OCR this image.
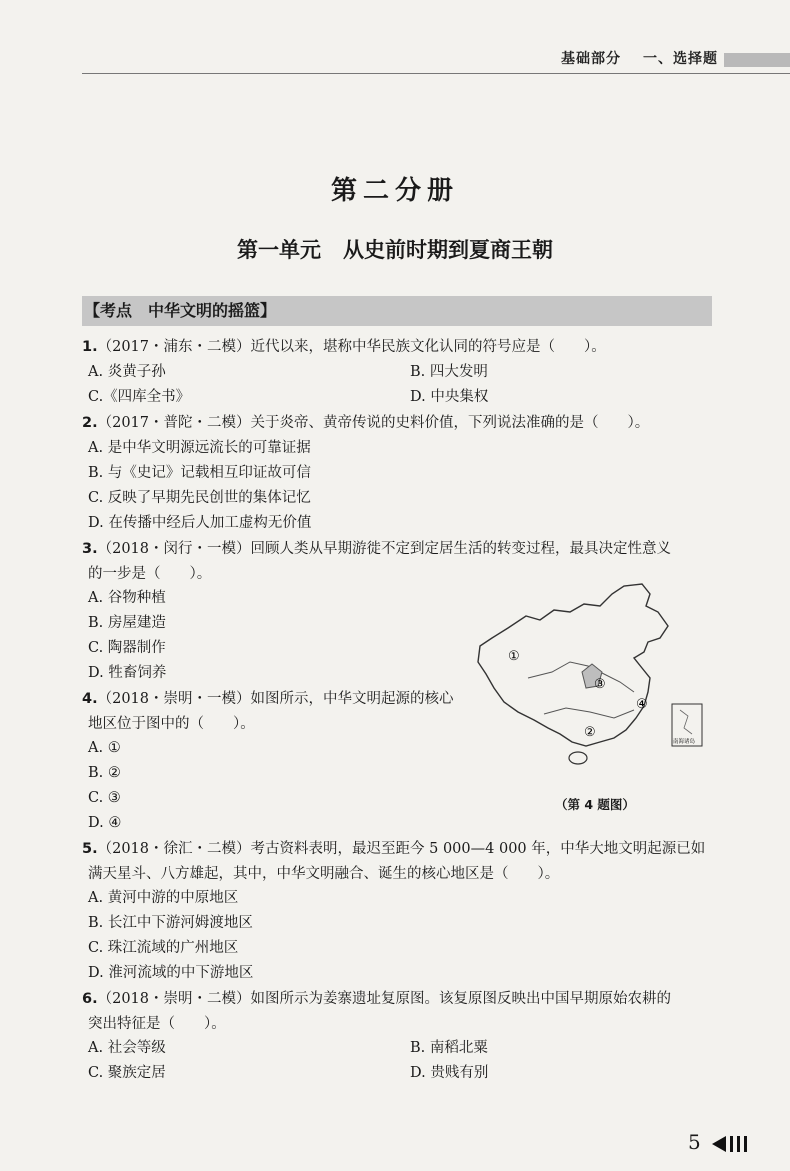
基础部分 一、选择题
第二分册
第一单元 从史前时期到夏商王朝
【考点　中华文明的摇篮】
1.（2017・浦东・二模）近代以来，堪称中华民族文化认同的符号应是（　　）。
A. 炎黄子孙	B. 四大发明
C.《四库全书》	D. 中央集权
2.（2017・普陀・二模）关于炎帝、黄帝传说的史料价值，下列说法准确的是（　　）。
A. 是中华文明源远流长的可靠证据
B. 与《史记》记载相互印证故可信
C. 反映了早期先民创世的集体记忆
D. 在传播中经后人加工虚构无价值
3.（2018・闵行・一模）回顾人类从早期游徙不定到定居生活的转变过程，最具决定性意义
的一步是（　　）。
A. 谷物种植
B. 房屋建造
C. 陶器制作
D. 牲畜饲养
4.（2018・崇明・一模）如图所示，中华文明起源的核心
地区位于图中的（　　）。
A. ①
B. ②
C. ③
D. ④
①
②
③
④
南海诸岛
（第 4 题图）
5.（2018・徐汇・二模）考古资料表明，最迟至距今 5 000—4 000 年，中华大地文明起源已如
满天星斗、八方雄起，其中，中华文明融合、诞生的核心地区是（　　）。
A. 黄河中游的中原地区
B. 长江中下游河姆渡地区
C. 珠江流域的广州地区
D. 淮河流域的中下游地区
6.（2018・崇明・二模）如图所示为姜寨遗址复原图。该复原图反映出中国早期原始农耕的
突出特征是（　　）。
A. 社会等级	B. 南稻北粟
C. 聚族定居	D. 贵贱有别
5
